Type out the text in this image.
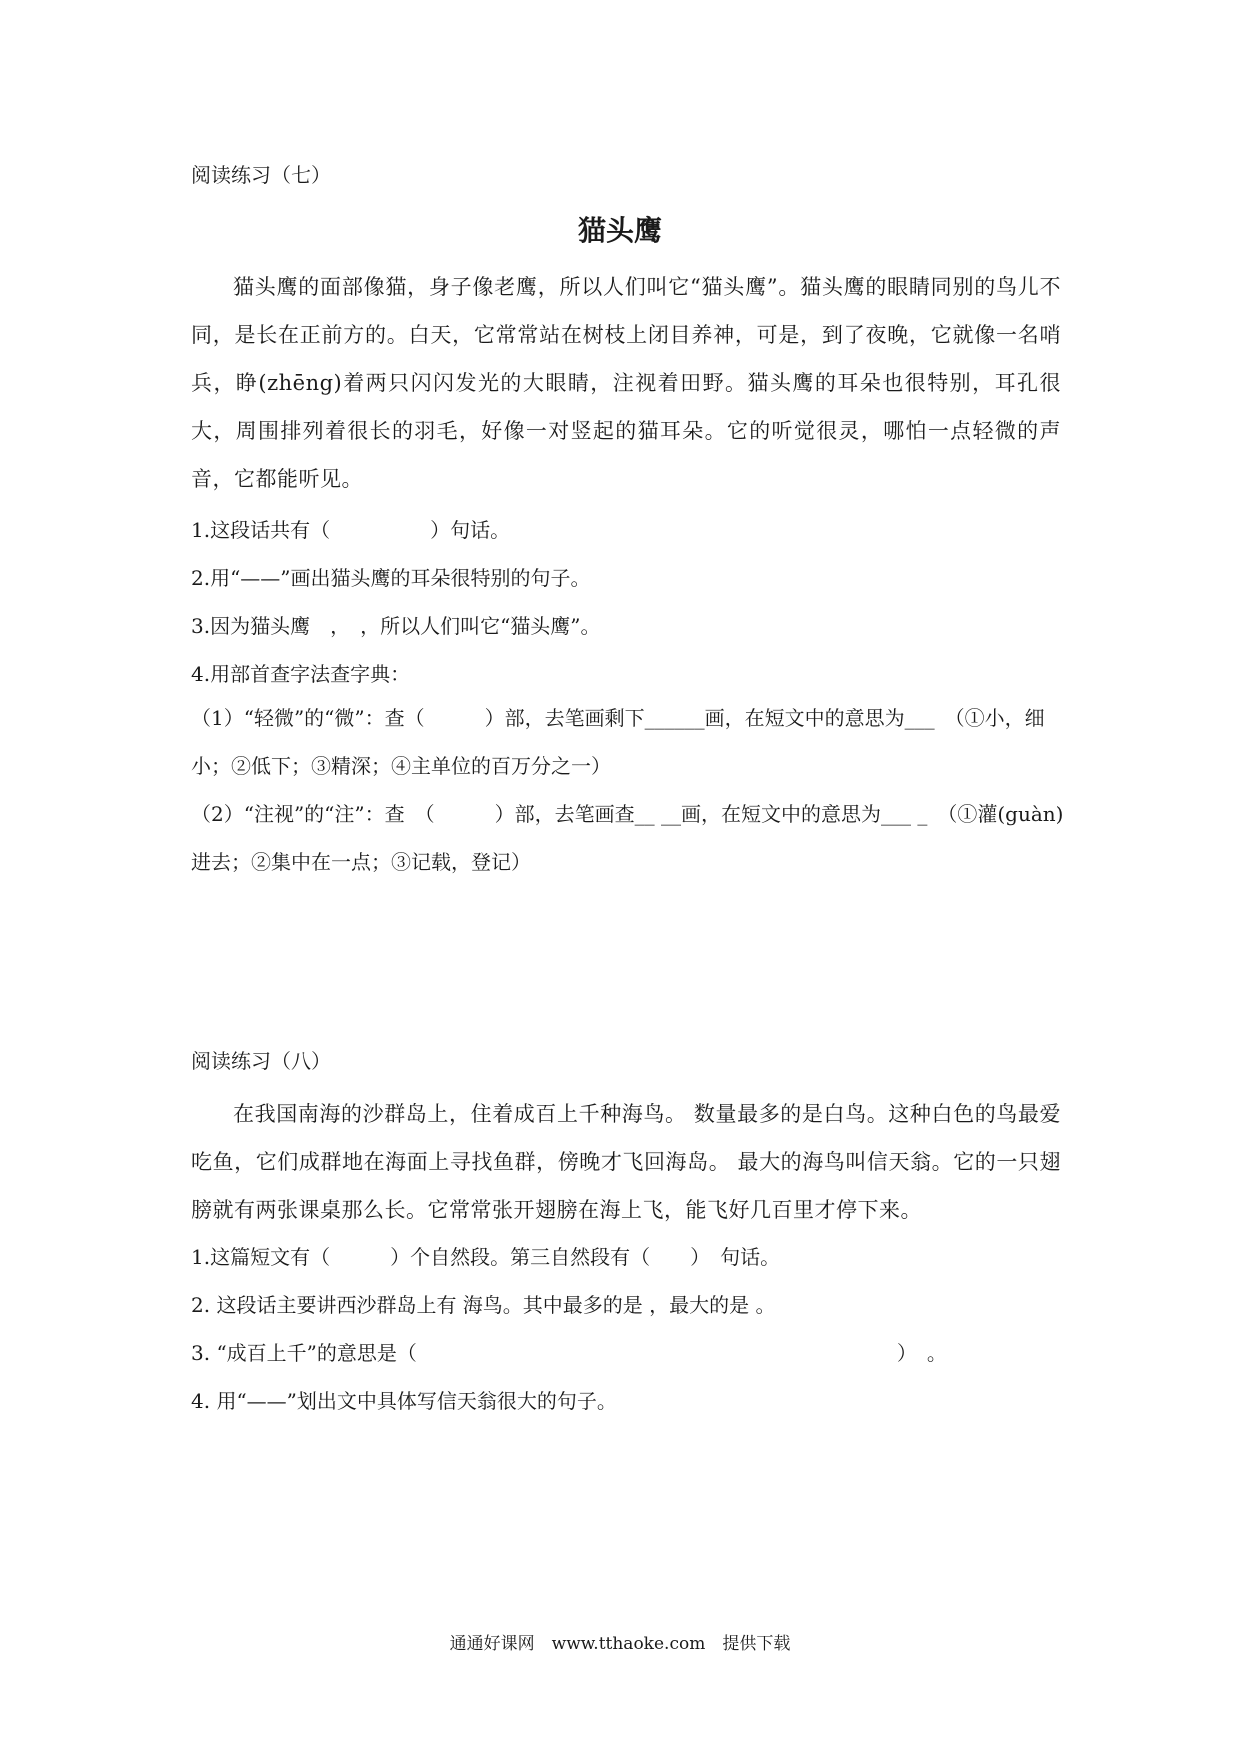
阅读练习（七）
猫头鹰
猫头鹰的面部像猫，身子像老鹰，所以人们叫它“猫头鹰”。猫头鹰的眼睛同别的鸟儿不同，是长在正前方的。白天，它常常站在树枝上闭目养神，可是，到了夜晚，它就像一名哨兵，睁(zhēng)着两只闪闪发光的大眼睛，注视着田野。猫头鹰的耳朵也很特别，耳孔很大，周围排列着很长的羽毛，好像一对竖起的猫耳朵。它的听觉很灵，哪怕一点轻微的声音，它都能听见。
1.这段话共有（　　　　　）句话。
2.用“——”画出猫头鹰的耳朵很特别的句子。
3.因为猫头鹰　，　，所以人们叫它“猫头鹰”。
4.用部首查字法查字典：
（1）“轻微”的“微”：查（　　　）部，去笔画剩下______画，在短文中的意思为___　（①小，细小；②低下；③精深；④主单位的百万分之一）
（2）“注视”的“注”：查　（　　　）部，去笔画查__ __画，在短文中的意思为___ _　（①灌(guàn)进去；②集中在一点；③记载，登记）
阅读练习（八）
在我国南海的沙群岛上，住着成百上千种海鸟。 数量最多的是白鸟。这种白色的鸟最爱吃鱼，它们成群地在海面上寻找鱼群，傍晚才飞回海岛。 最大的海鸟叫信天翁。它的一只翅膀就有两张课桌那么长。它常常张开翅膀在海上飞，能飞好几百里才停下来。
1.这篇短文有（　　　）个自然段。第三自然段有（　　）　句话。
2. 这段话主要讲西沙群岛上有 海鸟。其中最多的是 ，最大的是 。
3. “成百上千”的意思是（　　　　　　　　　　　　　　　　　　　　　　　　）　。
4. 用“——”划出文中具体写信天翁很大的句子。
通通好课网　www.tthaoke.com　提供下载
